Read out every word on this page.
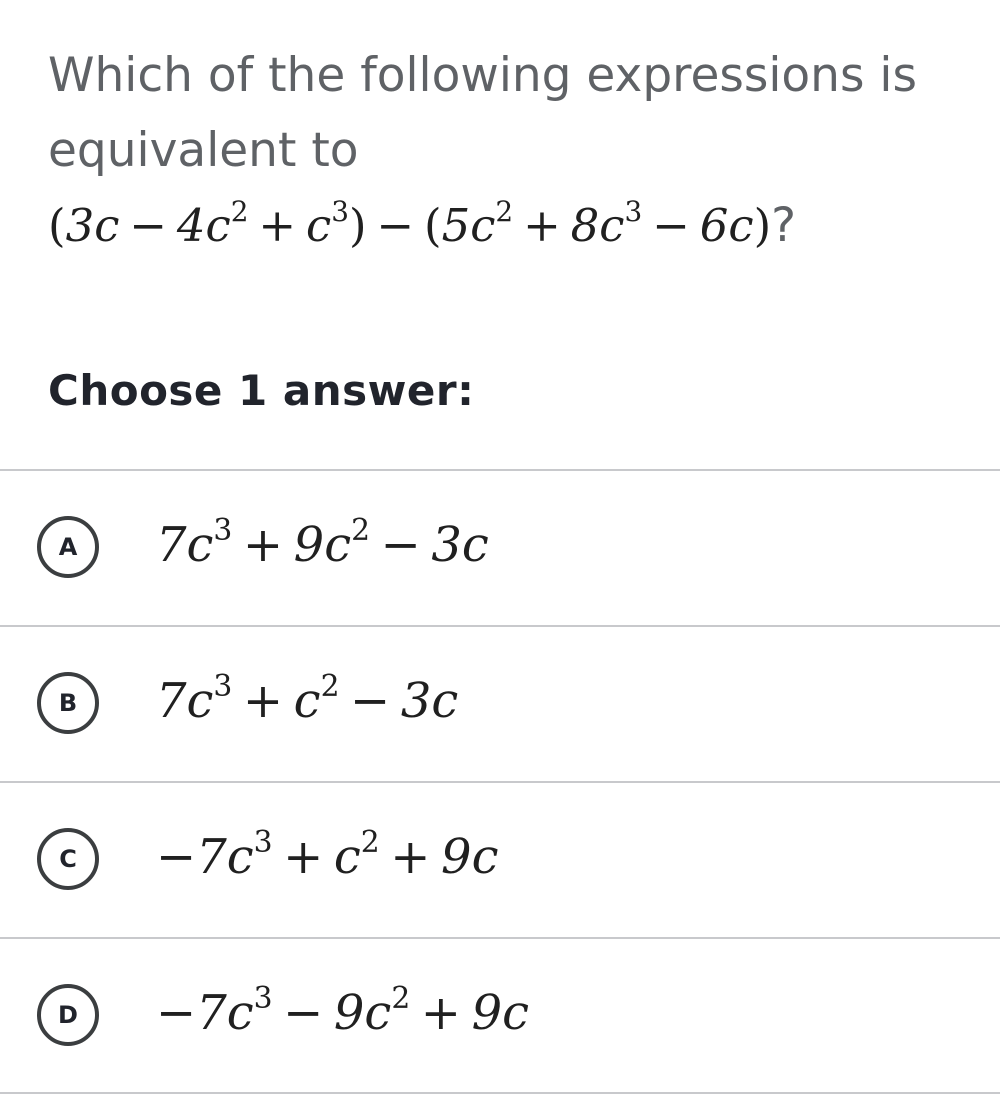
Which of the following expressions is equivalent to
$(3c - 4c^2 + c^3) - (5c^2 + 8c^3 - 6c)$?
Choose 1 answer:
A	$7c^3 + 9c^2 - 3c$
B	$7c^3 + c^2 - 3c$
C	$-7c^3 + c^2 + 9c$
D	$-7c^3 - 9c^2 + 9c$
